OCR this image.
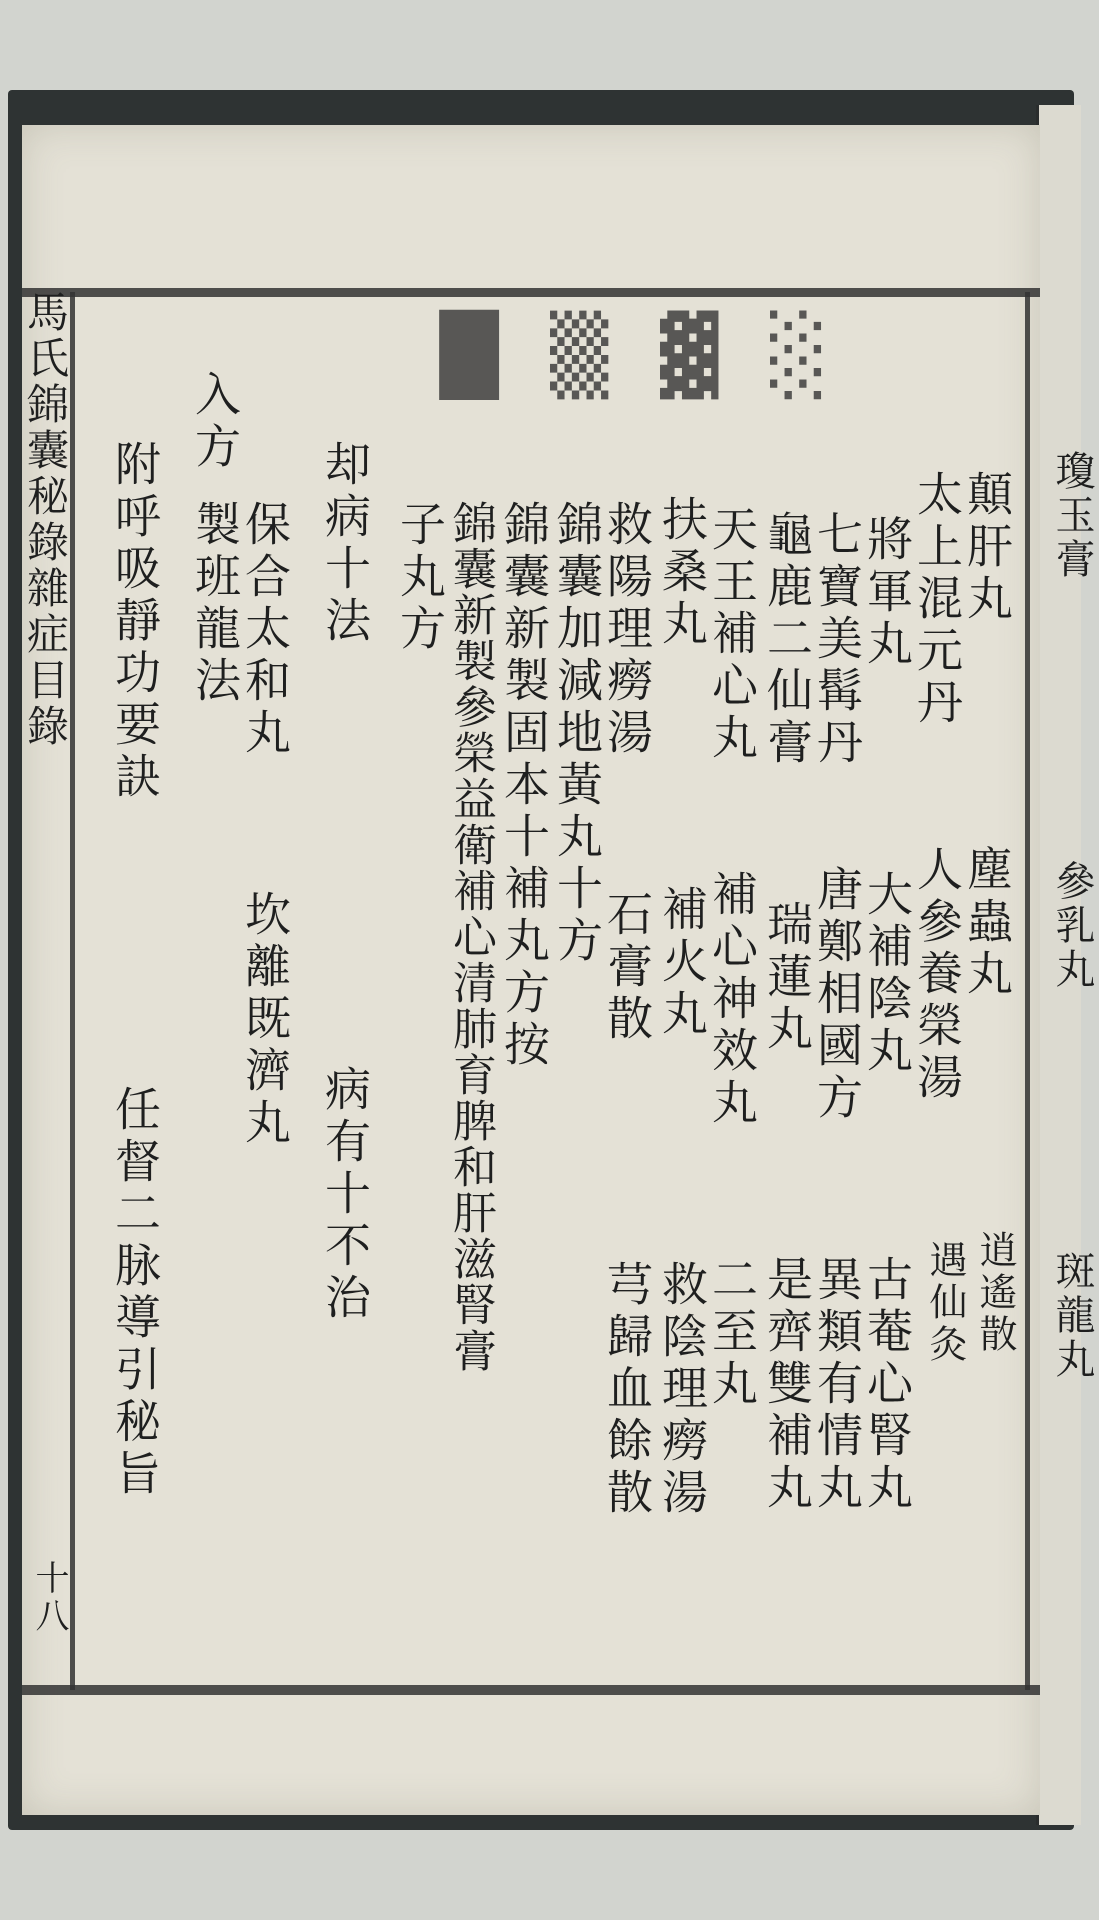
█ ▒ ▓ ░
馬氏錦囊秘錄雜症目錄
十八
瓊玉膏
參乳丸
斑龍丸
顛肝丸
塵蟲丸
逍遙散
太上混元丹
人參養榮湯
遇仙灸
將軍丸
大補陰丸
古菴心腎丸
七寶美髯丹
唐鄭相國方
異類有情丸
龜鹿二仙膏
瑞蓮丸
是齊雙補丸
天王補心丸
補心神效丸
二至丸
扶桑丸
補火丸
救陰理癆湯
救陽理癆湯
石膏散
芎歸血餘散
錦囊加減地黃丸十方
錦囊新製固本十補丸方按
錦囊新製參榮益衛補心清肺育脾和肝滋腎膏
子丸方
却病十法
病有十不治
保合太和丸
坎離既濟丸
入方
製班龍法
附呼吸靜功要訣
任督二脉導引秘旨
